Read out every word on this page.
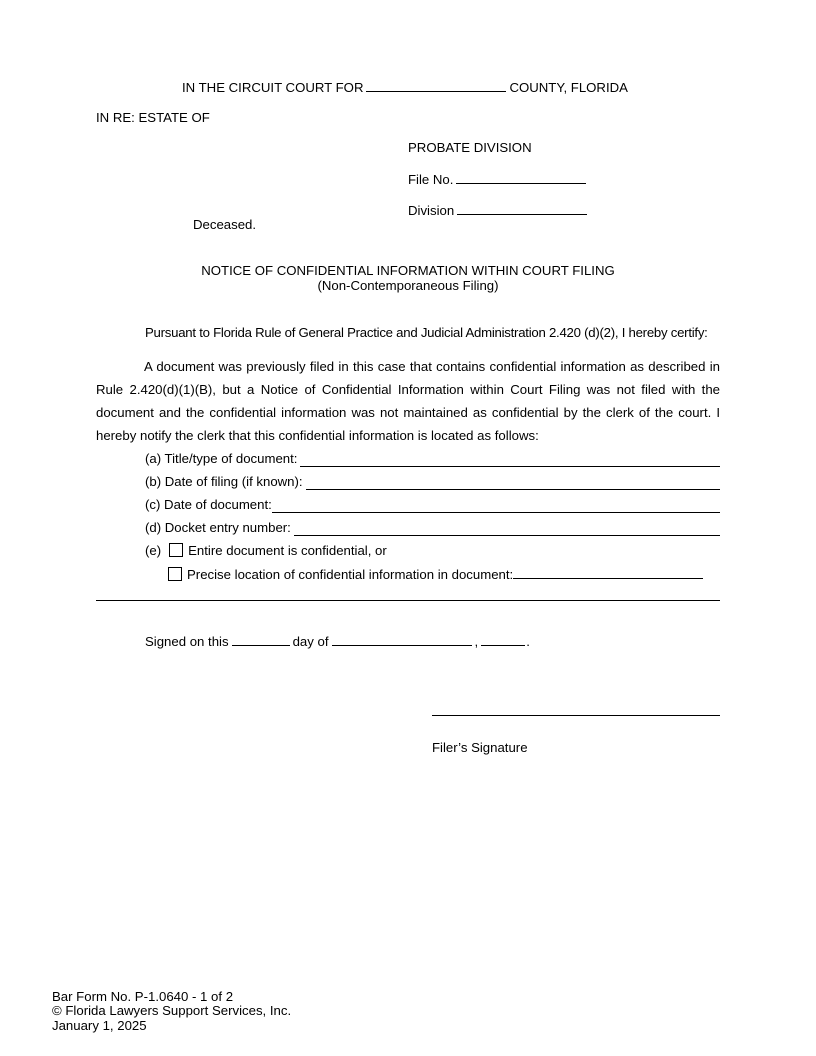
IN THE CIRCUIT COURT FOR	COUNTY, FLORIDA
IN RE: ESTATE OF
PROBATE DIVISION
File No.
Division
Deceased.
NOTICE OF CONFIDENTIAL INFORMATION WITHIN COURT FILING
(Non-Contemporaneous Filing)
Pursuant to Florida Rule of General Practice and Judicial Administration 2.420 (d)(2), I hereby certify:
A document was previously filed in this case that contains confidential information as described in Rule 2.420(d)(1)(B), but a Notice of Confidential Information within Court Filing was not filed with the document and the confidential information was not maintained as confidential by the clerk of the court. I hereby notify the clerk that this confidential information is located as follows:
(a) Title/type of document:
(b) Date of filing (if known):
(c) Date of document:
(d) Docket entry number:
(e) Entire document is confidential, or
Precise location of confidential information in document:
Signed on this	day of	,	.
Filer’s Signature
Bar Form No. P-1.0640 - 1 of 2
© Florida Lawyers Support Services, Inc.
January 1, 2025
